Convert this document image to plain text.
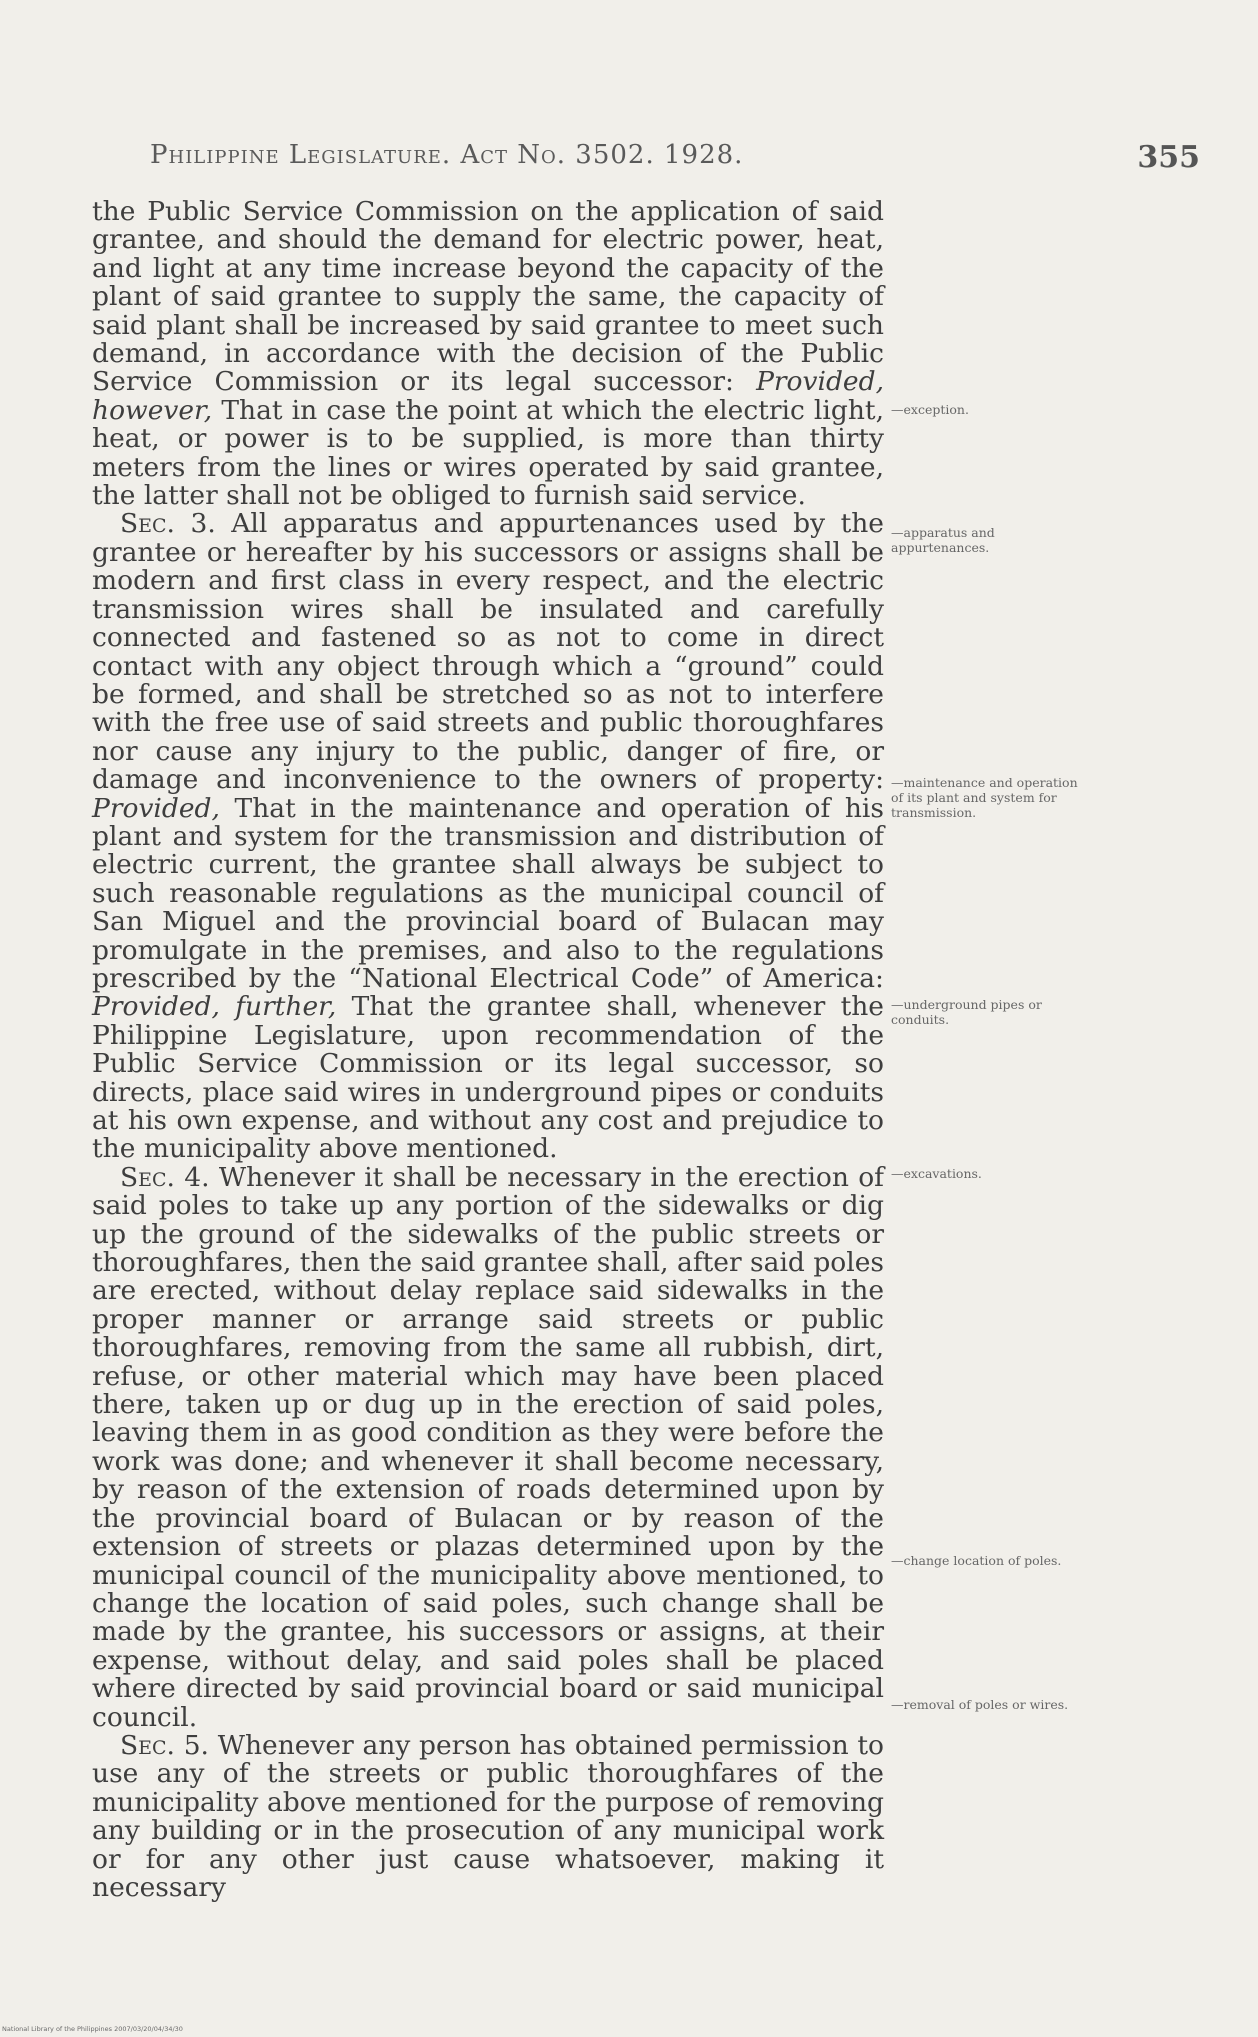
Philippine Legislature. Act No. 3502. 1928.	355

the Public Service Commission on the application of said grantee, and should the demand for electric power, heat, and light at any time increase beyond the capacity of the plant of said grantee to supply the same, the capacity of said plant shall be increased by said grantee to meet such demand, in accordance with the decision of the Public Service Commission or its legal successor: Provided, however, That in case the point at which the electric light, heat, or power is to be supplied, is more than thirty meters from the lines or wires operated by said grantee, the latter shall not be obliged to furnish said service.

Sec. 3. All apparatus and appurtenances used by the grantee or hereafter by his successors or assigns shall be modern and first class in every respect, and the electric transmission wires shall be insulated and carefully connected and fastened so as not to come in direct contact with any object through which a “ground” could be formed, and shall be stretched so as not to interfere with the free use of said streets and public thoroughfares nor cause any injury to the public, danger of fire, or damage and inconvenience to the owners of property: Provided, That in the maintenance and operation of his plant and system for the transmission and distribution of electric current, the grantee shall always be subject to such reasonable regulations as the municipal council of San Miguel and the provincial board of Bulacan may promulgate in the premises, and also to the regulations prescribed by the “National Electrical Code” of America: Provided, further, That the grantee shall, whenever the Philippine Legislature, upon recommendation of the Public Service Commission or its legal successor, so directs, place said wires in underground pipes or conduits at his own expense, and without any cost and prejudice to the municipality above mentioned.

Sec. 4. Whenever it shall be necessary in the erection of said poles to take up any portion of the sidewalks or dig up the ground of the sidewalks of the public streets or thoroughfares, then the said grantee shall, after said poles are erected, without delay replace said sidewalks in the proper manner or arrange said streets or public thoroughfares, removing from the same all rubbish, dirt, refuse, or other material which may have been placed there, taken up or dug up in the erection of said poles, leaving them in as good condition as they were before the work was done; and whenever it shall become necessary, by reason of the extension of roads determined upon by the provincial board of Bulacan or by reason of the extension of streets or plazas determined upon by the municipal council of the municipality above mentioned, to change the location of said poles, such change shall be made by the grantee, his successors or assigns, at their expense, without delay, and said poles shall be placed where directed by said provincial board or said municipal council.

Sec. 5. Whenever any person has obtained permission to use any of the streets or public thoroughfares of the municipality above mentioned for the purpose of removing any building or in the prosecution of any municipal work or for any other just cause whatsoever, making it necessary

—exception.
—apparatus and appurtenances.
—maintenance and operation of its plant and system for transmission.
—underground pipes or conduits.
—excavations.
—change location of poles.
—removal of poles or wires.
National Library of the Philippines 2007/03/20/04/34/30
